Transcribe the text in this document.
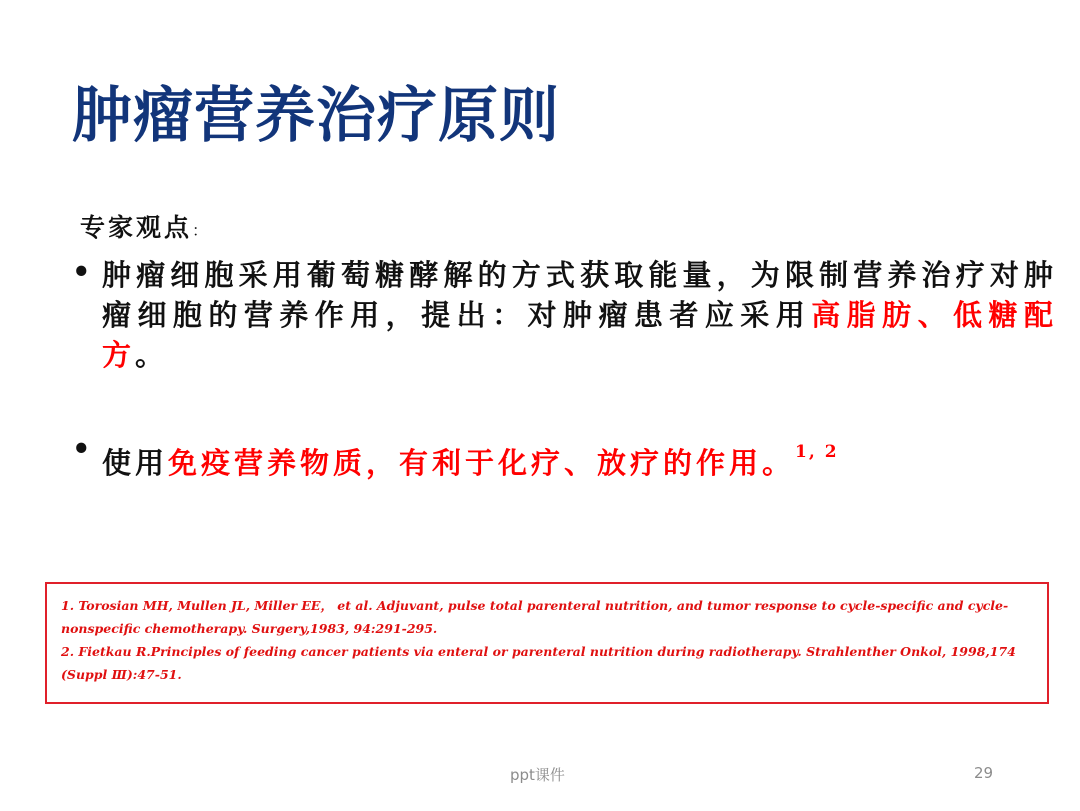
肿瘤营养治疗原则
专家观点：
• 肿瘤细胞采用葡萄糖酵解的方式获取能量，为限制营养治疗对肿瘤细胞的营养作用，提出：对肿瘤患者应采用高脂肪、低糖配方。
• 使用免疫营养物质，有利于化疗、放疗的作用。$^{1, 2}$
1. Torosian MH, Mullen JL, Miller EE， et al. Adjuvant, pulse total parenteral nutrition, and tumor response to cycle-specific and cycle-nonspecific chemotherapy. Surgery,1983, 94:291-295.
2. Fietkau R.Principles of feeding cancer patients via enteral or parenteral nutrition during radiotherapy. Strahlenther Onkol, 1998,174 (Suppl Ⅲ):47-51.
ppt课件	29
